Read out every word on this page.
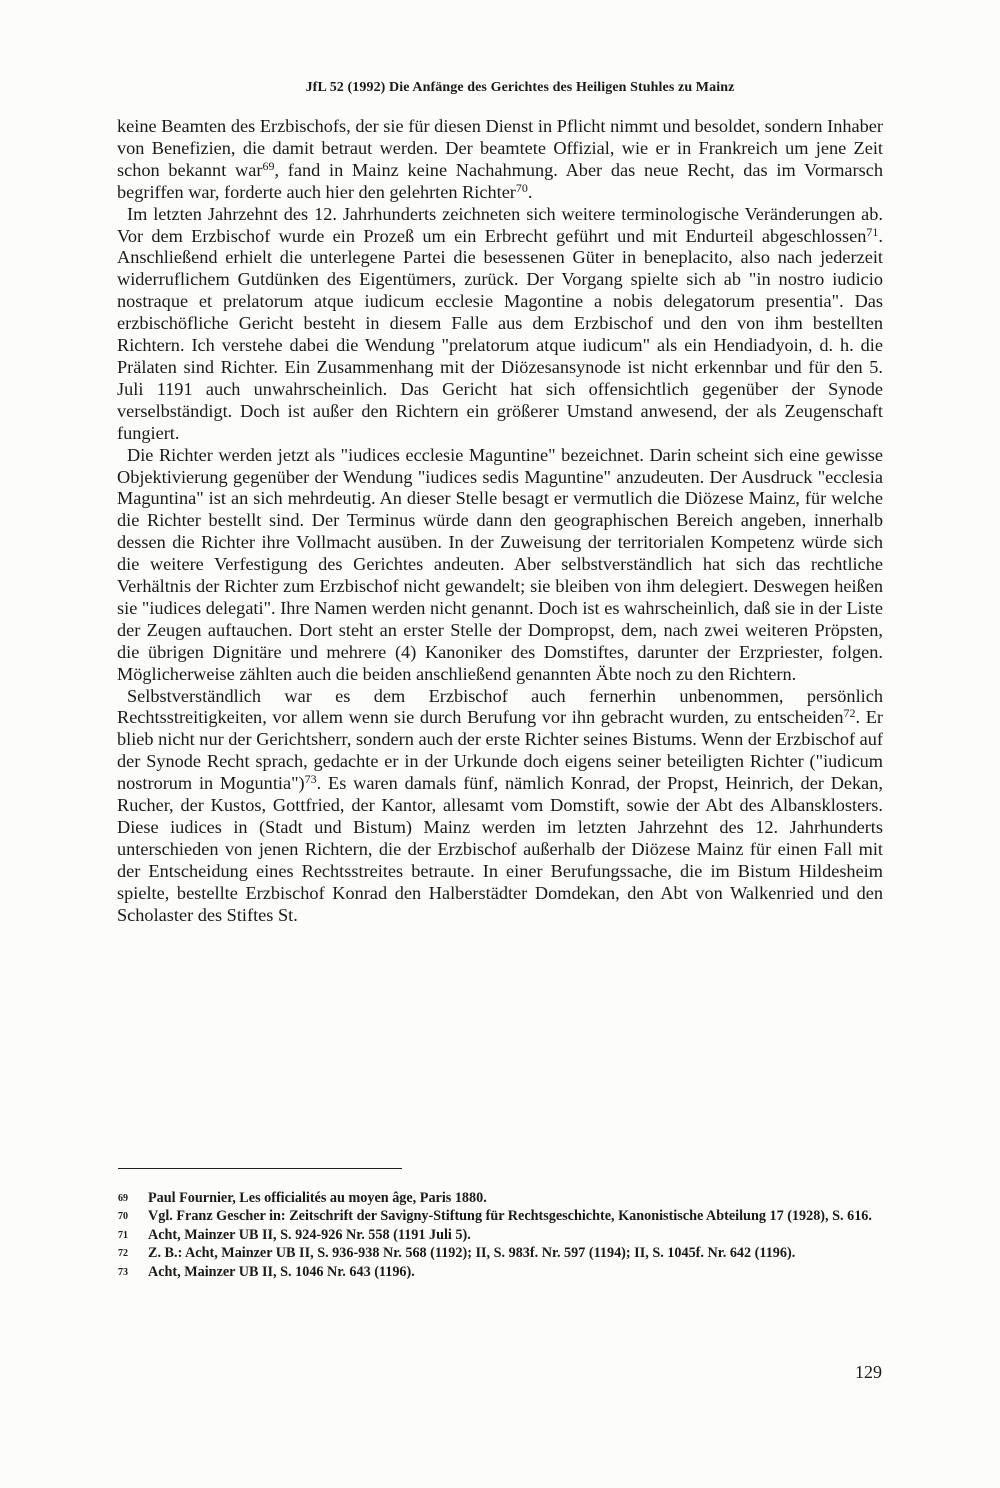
JfL 52 (1992) Die Anfänge des Gerichtes des Heiligen Stuhles zu Mainz

keine Beamten des Erzbischofs, der sie für diesen Dienst in Pflicht nimmt und besoldet, sondern Inhaber von Benefizien, die damit betraut werden. Der beamtete Offizial, wie er in Frankreich um jene Zeit schon bekannt war$^{69}$, fand in Mainz keine Nachahmung. Aber das neue Recht, das im Vormarsch begriffen war, forderte auch hier den gelehrten Richter$^{70}$.

Im letzten Jahrzehnt des 12. Jahrhunderts zeichneten sich weitere terminologische Veränderungen ab. Vor dem Erzbischof wurde ein Prozeß um ein Erbrecht geführt und mit Endurteil abgeschlossen$^{71}$. Anschließend erhielt die unterlegene Partei die besessenen Güter in beneplacito, also nach jederzeit widerruflichem Gutdünken des Eigentümers, zurück. Der Vorgang spielte sich ab "in nostro iudicio nostraque et prelatorum atque iudicum ecclesie Magontine a nobis delegatorum presentia". Das erzbischöfliche Gericht besteht in diesem Falle aus dem Erzbischof und den von ihm bestellten Richtern. Ich verstehe dabei die Wendung "prelatorum atque iudicum" als ein Hendiadyoin, d. h. die Prälaten sind Richter. Ein Zusammenhang mit der Diözesansynode ist nicht erkennbar und für den 5. Juli 1191 auch unwahrscheinlich. Das Gericht hat sich offensichtlich gegenüber der Synode verselbständigt. Doch ist außer den Richtern ein größerer Umstand anwesend, der als Zeugenschaft fungiert.

Die Richter werden jetzt als "iudices ecclesie Maguntine" bezeichnet. Darin scheint sich eine gewisse Objektivierung gegenüber der Wendung "iudices sedis Maguntine" anzudeuten. Der Ausdruck "ecclesia Maguntina" ist an sich mehrdeutig. An dieser Stelle besagt er vermutlich die Diözese Mainz, für welche die Richter bestellt sind. Der Terminus würde dann den geographischen Bereich angeben, innerhalb dessen die Richter ihre Vollmacht ausüben. In der Zuweisung der territorialen Kompetenz würde sich die weitere Verfestigung des Gerichtes andeuten. Aber selbstverständlich hat sich das rechtliche Verhältnis der Richter zum Erzbischof nicht gewandelt; sie bleiben von ihm delegiert. Deswegen heißen sie "iudices delegati". Ihre Namen werden nicht genannt. Doch ist es wahrscheinlich, daß sie in der Liste der Zeugen auftauchen. Dort steht an erster Stelle der Dompropst, dem, nach zwei weiteren Pröpsten, die übrigen Dignitäre und mehrere (4) Kanoniker des Domstiftes, darunter der Erzpriester, folgen. Möglicherweise zählten auch die beiden anschließend genannten Äbte noch zu den Richtern.

Selbstverständlich war es dem Erzbischof auch fernerhin unbenommen, persönlich Rechtsstreitigkeiten, vor allem wenn sie durch Berufung vor ihn gebracht wurden, zu entscheiden$^{72}$. Er blieb nicht nur der Gerichtsherr, sondern auch der erste Richter seines Bistums. Wenn der Erzbischof auf der Synode Recht sprach, gedachte er in der Urkunde doch eigens seiner beteiligten Richter ("iudicum nostrorum in Moguntia")$^{73}$. Es waren damals fünf, nämlich Konrad, der Propst, Heinrich, der Dekan, Rucher, der Kustos, Gottfried, der Kantor, allesamt vom Domstift, sowie der Abt des Albansklosters. Diese iudices in (Stadt und Bistum) Mainz werden im letzten Jahrzehnt des 12. Jahrhunderts unterschieden von jenen Richtern, die der Erzbischof außerhalb der Diözese Mainz für einen Fall mit der Entscheidung eines Rechtsstreites betraute. In einer Berufungssache, die im Bistum Hildesheim spielte, bestellte Erzbischof Konrad den Halberstädter Domdekan, den Abt von Walkenried und den Scholaster des Stiftes St.

69 Paul Fournier, Les officialités au moyen âge, Paris 1880.
70 Vgl. Franz Gescher in: Zeitschrift der Savigny-Stiftung für Rechtsgeschichte, Kanonistische Abteilung 17 (1928), S. 616.
71 Acht, Mainzer UB II, S. 924-926 Nr. 558 (1191 Juli 5).
72 Z. B.: Acht, Mainzer UB II, S. 936-938 Nr. 568 (1192); II, S. 983f. Nr. 597 (1194); II, S. 1045f. Nr. 642 (1196).
73 Acht, Mainzer UB II, S. 1046 Nr. 643 (1196).
129
